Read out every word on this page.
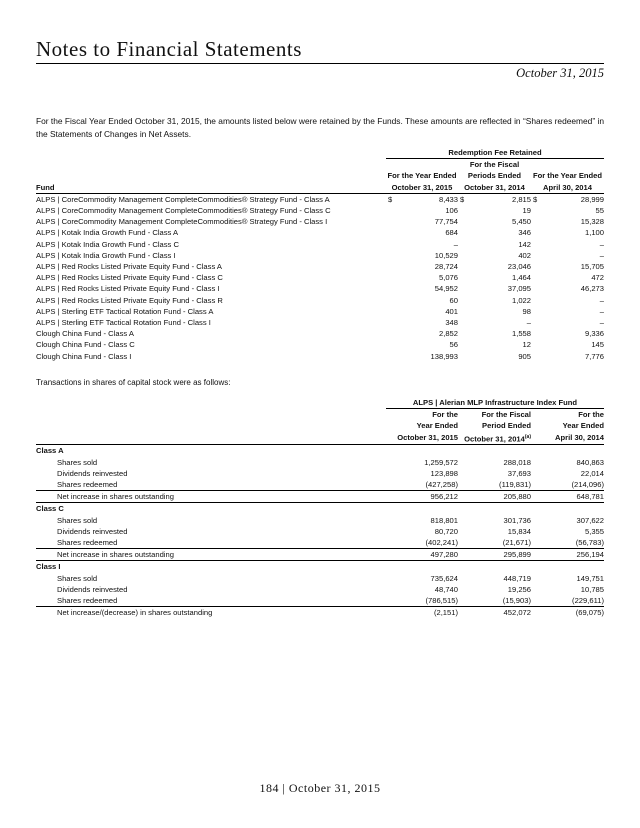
Notes to Financial Statements
October 31, 2015
For the Fiscal Year Ended October 31, 2015, the amounts listed below were retained by the Funds. These amounts are reflected in “Shares redeemed” in the Statements of Changes in Net Assets.
	Redemption Fee Retained		
		For the Fiscal	
	For the Year Ended	Periods Ended	For the Year Ended
Fund	October 31, 2015	October 31, 2014	April 30, 2014
ALPS | CoreCommodity Management CompleteCommodities® Strategy Fund - Class A	$ 8,433	$ 2,815	$ 28,999
ALPS | CoreCommodity Management CompleteCommodities® Strategy Fund - Class C	106	19	55
ALPS | CoreCommodity Management CompleteCommodities® Strategy Fund - Class I	77,754	5,450	15,328
ALPS | Kotak India Growth Fund - Class A	684	346	1,100
ALPS | Kotak India Growth Fund - Class C	–	142	–
ALPS | Kotak India Growth Fund - Class I	10,529	402	–
ALPS | Red Rocks Listed Private Equity Fund - Class A	28,724	23,046	15,705
ALPS | Red Rocks Listed Private Equity Fund - Class C	5,076	1,464	472
ALPS | Red Rocks Listed Private Equity Fund - Class I	54,952	37,095	46,273
ALPS | Red Rocks Listed Private Equity Fund - Class R	60	1,022	–
ALPS | Sterling ETF Tactical Rotation Fund - Class A	401	98	–
ALPS | Sterling ETF Tactical Rotation Fund - Class I	348	–	–
Clough China Fund - Class A	2,852	1,558	9,336
Clough China Fund - Class C	56	12	145
Clough China Fund - Class I	138,993	905	7,776
Transactions in shares of capital stock were as follows:
	ALPS | Alerian MLP Infrastructure Index Fund		
	For the	For the Fiscal	For the
	Year Ended	Period Ended	Year Ended
	October 31, 2015	October 31, 2014$^{(a)}$	April 30, 2014
Class A			
Shares sold	1,259,572	288,018	840,863
Dividends reinvested	123,898	37,693	22,014
Shares redeemed	(427,258)	(119,831)	(214,096)
Net increase in shares outstanding	956,212	205,880	648,781
Class C			
Shares sold	818,801	301,736	307,622
Dividends reinvested	80,720	15,834	5,355
Shares redeemed	(402,241)	(21,671)	(56,783)
Net increase in shares outstanding	497,280	295,899	256,194
Class I			
Shares sold	735,624	448,719	149,751
Dividends reinvested	48,740	19,256	10,785
Shares redeemed	(786,515)	(15,903)	(229,611)
Net increase/(decrease) in shares outstanding	(2,151)	452,072	(69,075)
184 | October 31, 2015
